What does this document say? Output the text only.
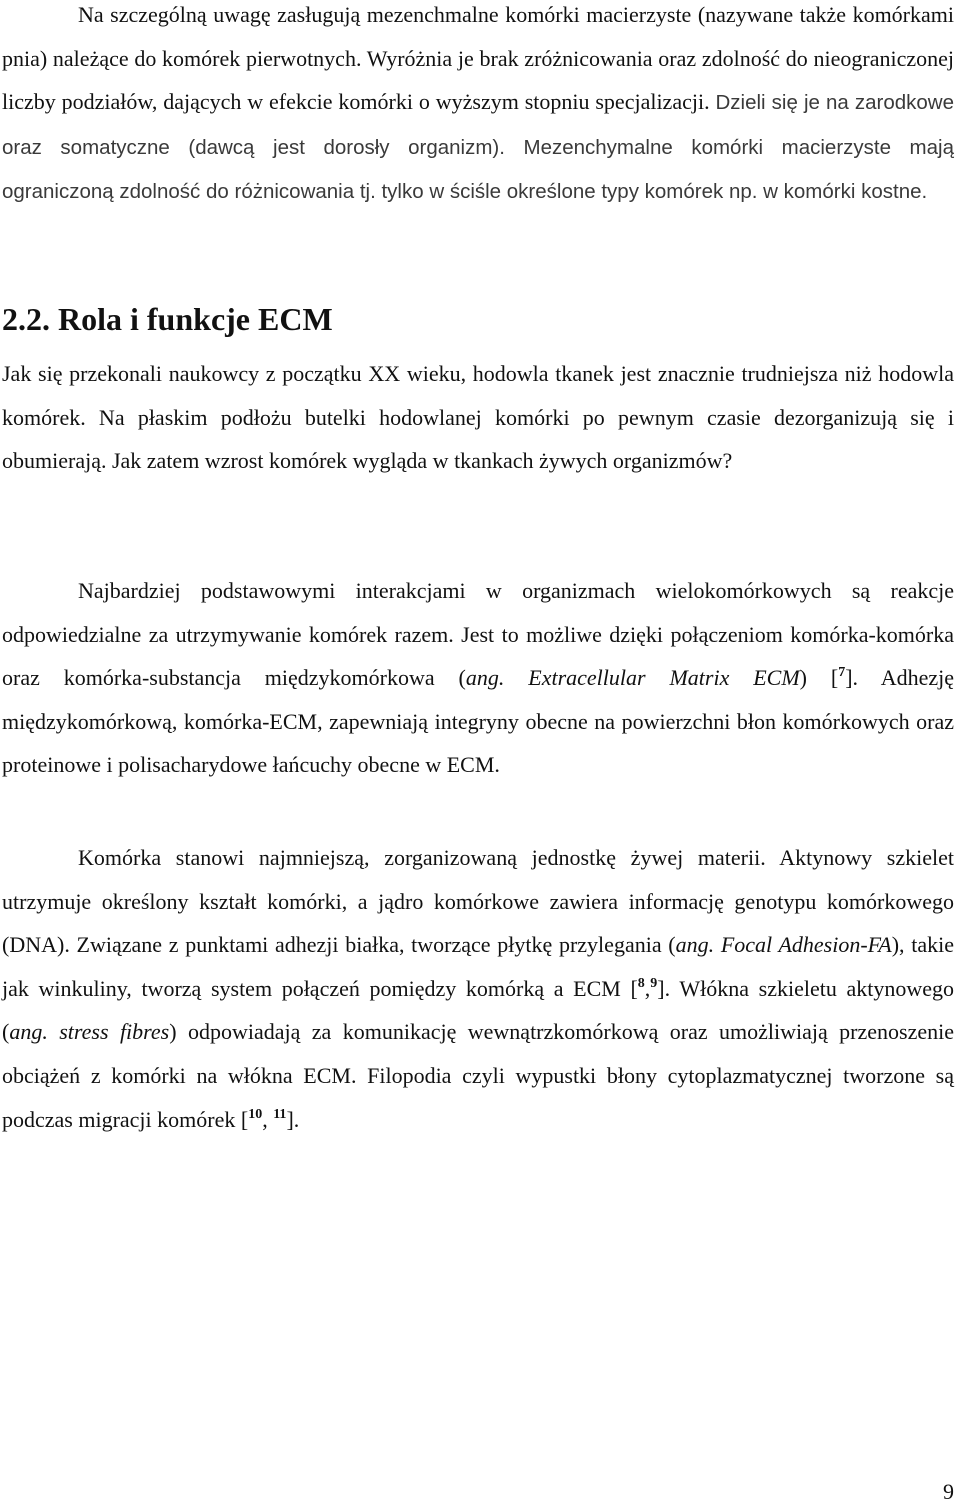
Na szczególną uwagę zasługują mezenchmalne komórki macierzyste (nazywane także komórkami pnia) należące do komórek pierwotnych. Wyróżnia je brak zróżnicowania oraz zdolność do nieograniczonej liczby podziałów, dających w efekcie komórki o wyższym stopniu specjalizacji. Dzieli się je na zarodkowe oraz somatyczne (dawcą jest dorosły organizm). Mezenchymalne komórki macierzyste mają ograniczoną zdolność do różnicowania tj. tylko w ściśle określone typy komórek np. w komórki kostne.

2.2. Rola i funkcje ECM

Jak się przekonali naukowcy z początku XX wieku, hodowla tkanek jest znacznie trudniejsza niż hodowla komórek. Na płaskim podłożu butelki hodowlanej komórki po pewnym czasie dezorganizują się i obumierają. Jak zatem wzrost komórek wygląda w tkankach żywych organizmów?

Najbardziej podstawowymi interakcjami w organizmach wielokomórkowych są reakcje odpowiedzialne za utrzymywanie komórek razem. Jest to możliwe dzięki połączeniom komórka-komórka oraz komórka-substancja międzykomórkowa (ang. Extracellular Matrix ECM) [$^7$]. Adhezję międzykomórkową, komórka-ECM, zapewniają integryny obecne na powierzchni błon komórkowych oraz proteinowe i polisacharydowe łańcuchy obecne w ECM.

Komórka stanowi najmniejszą, zorganizowaną jednostkę żywej materii. Aktynowy szkielet utrzymuje określony kształt komórki, a jądro komórkowe zawiera informację genotypu komórkowego (DNA). Związane z punktami adhezji białka, tworzące płytkę przylegania (ang. Focal Adhesion-FA), takie jak winkuliny, tworzą system połączeń pomiędzy komórką a ECM [$^8$,$^9$]. Włókna szkieletu aktynowego (ang. stress fibres) odpowiadają za komunikację wewnątrzkomórkową oraz umożliwiają przenoszenie obciążeń z komórki na włókna ECM. Filopodia czyli wypustki błony cytoplazmatycznej tworzone są podczas migracji komórek [$^{10}$, $^{11}$].

9
